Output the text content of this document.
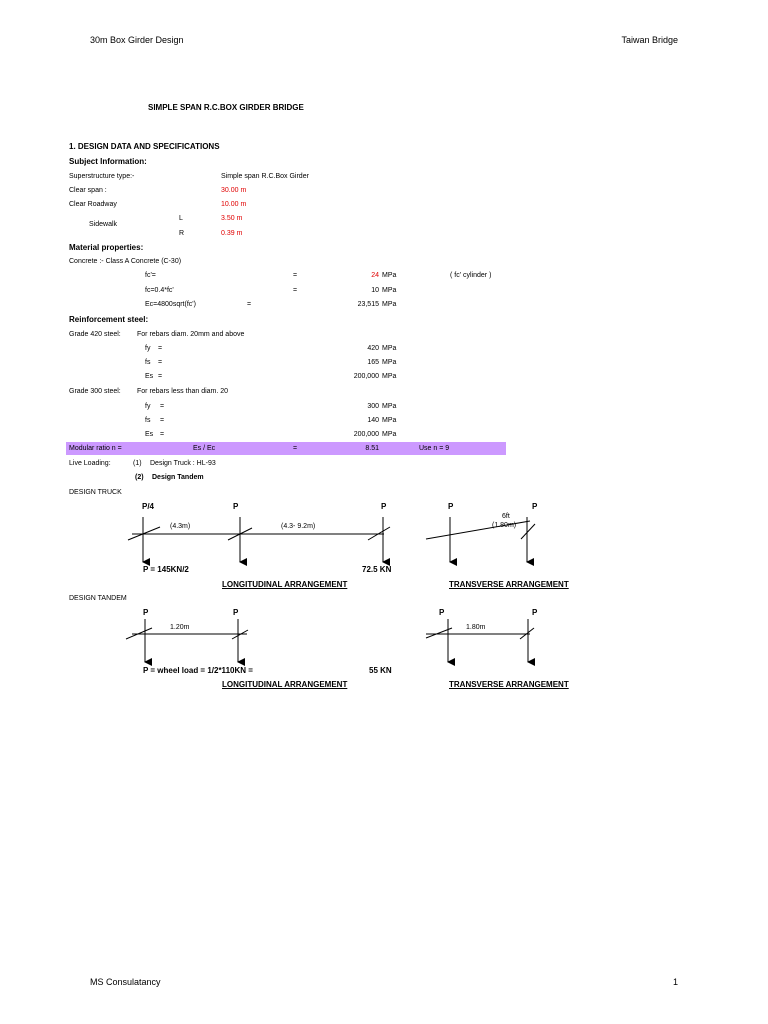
30m Box Girder Design	Taiwan Bridge
SIMPLE SPAN R.C.BOX GIRDER BRIDGE
1. DESIGN DATA AND SPECIFICATIONS
Subject Information:
Superstructure type:-	Simple span R.C.Box Girder
Clear span :	30.00 m
Clear Roadway	10.00 m
Sidewalk
L	3.50 m
R	0.39 m
Material properties:
Concrete :- Class A Concrete (C-30)
fc'=	=	24 MPa	( fc' cylinder )
fc=0.4*fc'	=	10 MPa
Ec=4800sqrt(fc')	=	23,515 MPa
Reinforcement steel:
Grade 420 steel: For rebars diam. 20mm and above
fy =	420 MPa
fs =	165 MPa
Es =	200,000 MPa
Grade 300 steel: For rebars less than diam. 20
fy =	300 MPa
fs =	140 MPa
Es =	200,000 MPa
Modular ratio n =	Es / Ec	=	8.51	Use n = 9
Live Loading:	(1) Design Truck : HL-93
(2) Design Tandem
DESIGN TRUCK
P/4	P	P
(4.3m)	(4.3- 9.2m)
P	P
6ft
(1.80m)
P = 145KN/2	72.5 KN
LONGITUDINAL ARRANGEMENT	TRANSVERSE ARRANGEMENT
DESIGN TANDEM
P	P
1.20m
P	P
1.80m
P = wheel load = 1/2*110KN =	55 KN
LONGITUDINAL ARRANGEMENT	TRANSVERSE ARRANGEMENT
MS Consulatancy	1
